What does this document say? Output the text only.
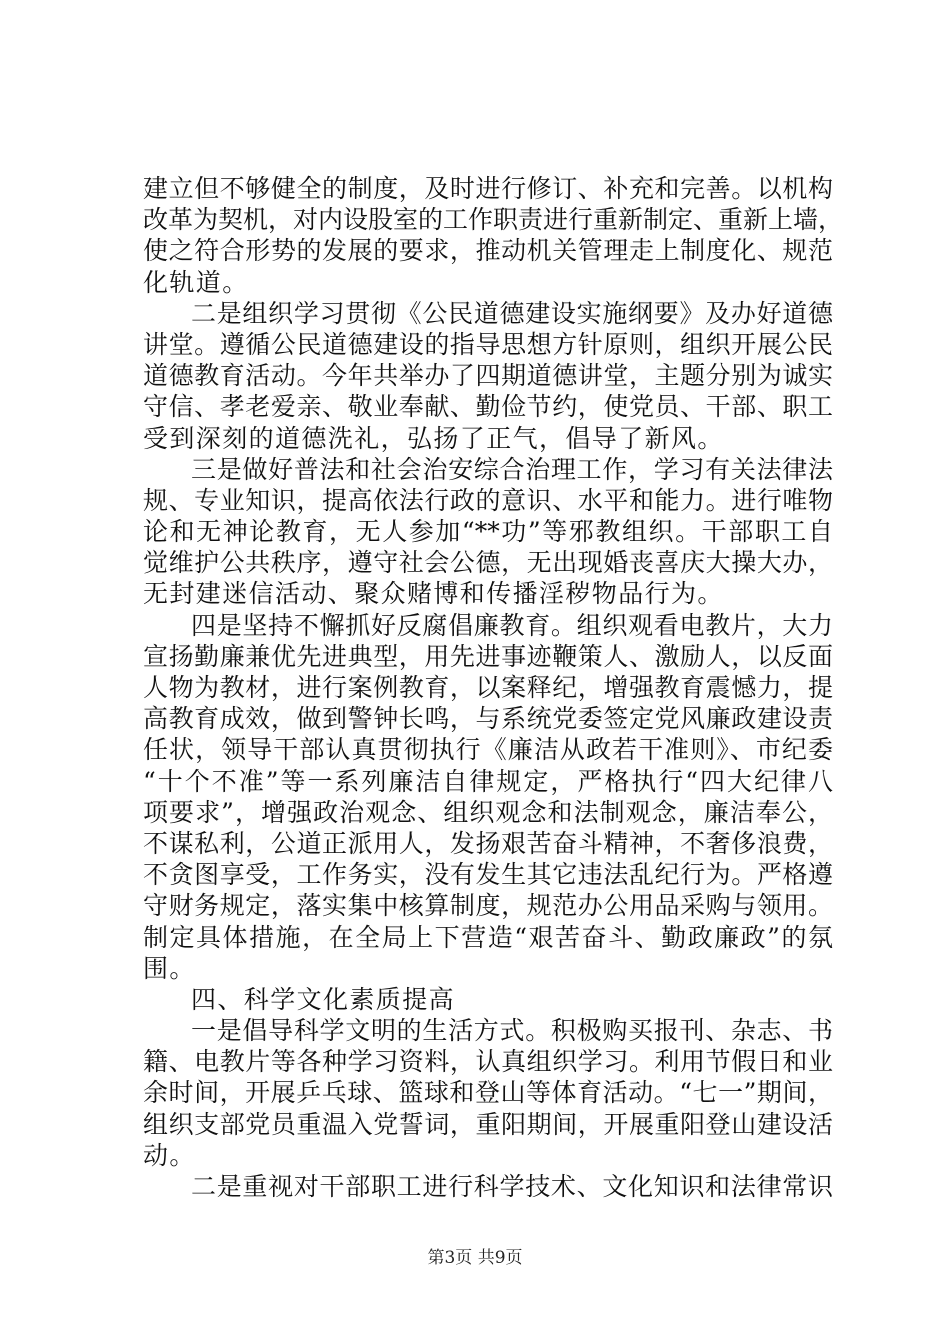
建立但不够健全的制度，及时进行修订、补充和完善。以机构
改革为契机，对内设股室的工作职责进行重新制定、重新上墙，
使之符合形势的发展的要求，推动机关管理走上制度化、规范
化轨道。
二是组织学习贯彻《公民道德建设实施纲要》及办好道德
讲堂。遵循公民道德建设的指导思想方针原则，组织开展公民
道德教育活动。今年共举办了四期道德讲堂，主题分别为诚实
守信、孝老爱亲、敬业奉献、勤俭节约，使党员、干部、职工
受到深刻的道德洗礼，弘扬了正气，倡导了新风。
三是做好普法和社会治安综合治理工作，学习有关法律法
规、专业知识，提高依法行政的意识、水平和能力。进行唯物
论和无神论教育，无人参加“**功”等邪教组织。干部职工自
觉维护公共秩序，遵守社会公德，无出现婚丧喜庆大操大办，
无封建迷信活动、聚众赌博和传播淫秽物品行为。
四是坚持不懈抓好反腐倡廉教育。组织观看电教片，大力
宣扬勤廉兼优先进典型，用先进事迹鞭策人、激励人，以反面
人物为教材，进行案例教育，以案释纪，增强教育震憾力，提
高教育成效，做到警钟长鸣，与系统党委签定党风廉政建设责
任状，领导干部认真贯彻执行《廉洁从政若干准则》、市纪委
“十个不准”等一系列廉洁自律规定，严格执行“四大纪律八
项要求”，增强政治观念、组织观念和法制观念，廉洁奉公，
不谋私利，公道正派用人，发扬艰苦奋斗精神，不奢侈浪费，
不贪图享受，工作务实，没有发生其它违法乱纪行为。严格遵
守财务规定，落实集中核算制度，规范办公用品采购与领用。
制定具体措施，在全局上下营造“艰苦奋斗、勤政廉政”的氛
围。
四、科学文化素质提高
一是倡导科学文明的生活方式。积极购买报刊、杂志、书
籍、电教片等各种学习资料，认真组织学习。利用节假日和业
余时间，开展乒乓球、篮球和登山等体育活动。“七一”期间，
组织支部党员重温入党誓词，重阳期间，开展重阳登山建设活
动。
二是重视对干部职工进行科学技术、文化知识和法律常识
第3页 共9页
